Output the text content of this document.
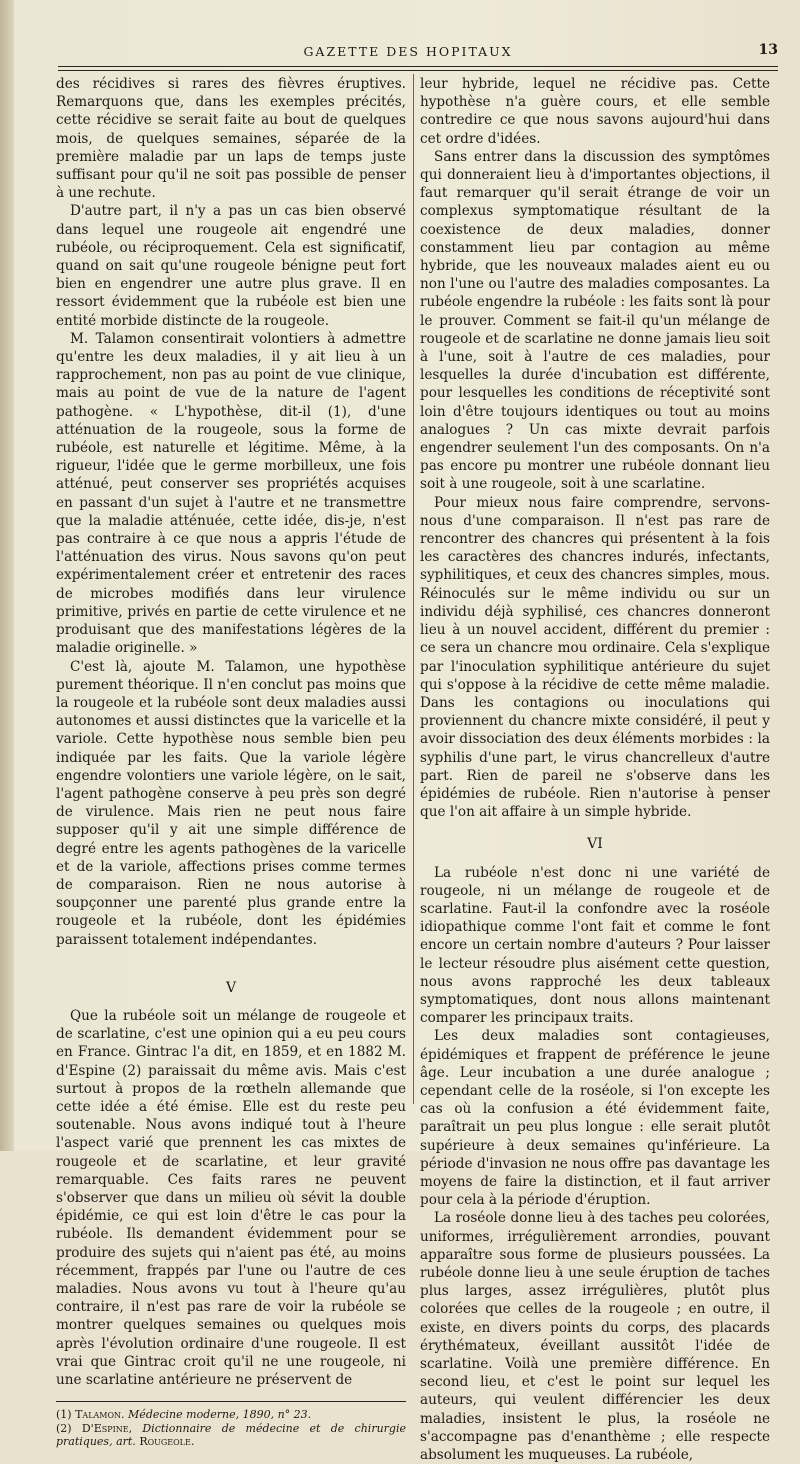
GAZETTE DES HOPITAUX	13

des récidives si rares des fièvres éruptives. Remarquons que, dans les exemples précités, cette récidive se serait faite au bout de quelques mois, de quelques semaines, séparée de la première maladie par un laps de temps juste suffisant pour qu'il ne soit pas possible de penser à une rechute.

D'autre part, il n'y a pas un cas bien observé dans lequel une rougeole ait engendré une rubéole, ou réciproquement. Cela est significatif, quand on sait qu'une rougeole bénigne peut fort bien en engendrer une autre plus grave. Il en ressort évidemment que la rubéole est bien une entité morbide distincte de la rougeole.

M. Talamon consentirait volontiers à admettre qu'entre les deux maladies, il y ait lieu à un rapprochement, non pas au point de vue clinique, mais au point de vue de la nature de l'agent pathogène. « L'hypothèse, dit-il (1), d'une atténuation de la rougeole, sous la forme de rubéole, est naturelle et légitime. Même, à la rigueur, l'idée que le germe morbilleux, une fois atténué, peut conserver ses propriétés acquises en passant d'un sujet à l'autre et ne transmettre que la maladie atténuée, cette idée, dis-je, n'est pas contraire à ce que nous a appris l'étude de l'atténuation des virus. Nous savons qu'on peut expérimentalement créer et entretenir des races de microbes modifiés dans leur virulence primitive, privés en partie de cette virulence et ne produisant que des manifestations légères de la maladie originelle. »

C'est là, ajoute M. Talamon, une hypothèse purement théorique. Il n'en conclut pas moins que la rougeole et la rubéole sont deux maladies aussi autonomes et aussi distinctes que la varicelle et la variole. Cette hypothèse nous semble bien peu indiquée par les faits. Que la variole légère engendre volontiers une variole légère, on le sait, l'agent pathogène conserve à peu près son degré de virulence. Mais rien ne peut nous faire supposer qu'il y ait une simple différence de degré entre les agents pathogènes de la varicelle et de la variole, affections prises comme termes de comparaison. Rien ne nous autorise à soupçonner une parenté plus grande entre la rougeole et la rubéole, dont les épidémies paraissent totalement indépendantes.

V

Que la rubéole soit un mélange de rougeole et de scarlatine, c'est une opinion qui a eu peu cours en France. Gintrac l'a dit, en 1859, et en 1882 M. d'Espine (2) paraissait du même avis. Mais c'est surtout à propos de la rœtheln allemande que cette idée a été émise. Elle est du reste peu soutenable. Nous avons indiqué tout à l'heure l'aspect varié que prennent les cas mixtes de rougeole et de scarlatine, et leur gravité remarquable. Ces faits rares ne peuvent s'observer que dans un milieu où sévit la double épidémie, ce qui est loin d'être le cas pour la rubéole. Ils demandent évidemment pour se produire des sujets qui n'aient pas été, au moins récemment, frappés par l'une ou l'autre de ces maladies. Nous avons vu tout à l'heure qu'au contraire, il n'est pas rare de voir la rubéole se montrer quelques semaines ou quelques mois après l'évolution ordinaire d'une rougeole. Il est vrai que Gintrac croit qu'il ne une rougeole, ni une scarlatine antérieure ne préservent de

(1) Talamon. Médecine moderne, 1890, n° 23.

(2) D'Espine, Dictionnaire de médecine et de chirurgie pratiques, art. Rougeole.

leur hybride, lequel ne récidive pas. Cette hypothèse n'a guère cours, et elle semble contredire ce que nous savons aujourd'hui dans cet ordre d'idées.

Sans entrer dans la discussion des symptômes qui donneraient lieu à d'importantes objections, il faut remarquer qu'il serait étrange de voir un complexus symptomatique résultant de la coexistence de deux maladies, donner constamment lieu par contagion au même hybride, que les nouveaux malades aient eu ou non l'une ou l'autre des maladies composantes. La rubéole engendre la rubéole : les faits sont là pour le prouver. Comment se fait-il qu'un mélange de rougeole et de scarlatine ne donne jamais lieu soit à l'une, soit à l'autre de ces maladies, pour lesquelles la durée d'incubation est différente, pour lesquelles les conditions de réceptivité sont loin d'être toujours identiques ou tout au moins analogues ? Un cas mixte devrait parfois engendrer seulement l'un des composants. On n'a pas encore pu montrer une rubéole donnant lieu soit à une rougeole, soit à une scarlatine.

Pour mieux nous faire comprendre, servons-nous d'une comparaison. Il n'est pas rare de rencontrer des chancres qui présentent à la fois les caractères des chancres indurés, infectants, syphilitiques, et ceux des chancres simples, mous. Réinoculés sur le même individu ou sur un individu déjà syphilisé, ces chancres donneront lieu à un nouvel accident, différent du premier : ce sera un chancre mou ordinaire. Cela s'explique par l'inoculation syphilitique antérieure du sujet qui s'oppose à la récidive de cette même maladie. Dans les contagions ou inoculations qui proviennent du chancre mixte considéré, il peut y avoir dissociation des deux éléments morbides : la syphilis d'une part, le virus chancrelleux d'autre part. Rien de pareil ne s'observe dans les épidémies de rubéole. Rien n'autorise à penser que l'on ait affaire à un simple hybride.

VI

La rubéole n'est donc ni une variété de rougeole, ni un mélange de rougeole et de scarlatine. Faut-il la confondre avec la roséole idiopathique comme l'ont fait et comme le font encore un certain nombre d'auteurs ? Pour laisser le lecteur résoudre plus aisément cette question, nous avons rapproché les deux tableaux symptomatiques, dont nous allons maintenant comparer les principaux traits.

Les deux maladies sont contagieuses, épidémiques et frappent de préférence le jeune âge. Leur incubation a une durée analogue ; cependant celle de la roséole, si l'on excepte les cas où la confusion a été évidemment faite, paraîtrait un peu plus longue : elle serait plutôt supérieure à deux semaines qu'inférieure. La période d'invasion ne nous offre pas davantage les moyens de faire la distinction, et il faut arriver pour cela à la période d'éruption.

La roséole donne lieu à des taches peu colorées, uniformes, irrégulièrement arrondies, pouvant apparaître sous forme de plusieurs poussées. La rubéole donne lieu à une seule éruption de taches plus larges, assez irrégulières, plutôt plus colorées que celles de la rougeole ; en outre, il existe, en divers points du corps, des placards érythémateux, éveillant aussitôt l'idée de scarlatine. Voilà une première différence. En second lieu, et c'est le point sur lequel les auteurs, qui veulent différencier les deux maladies, insistent le plus, la roséole ne s'accompagne pas d'enanthème ; elle respecte absolument les muqueuses. La rubéole,
